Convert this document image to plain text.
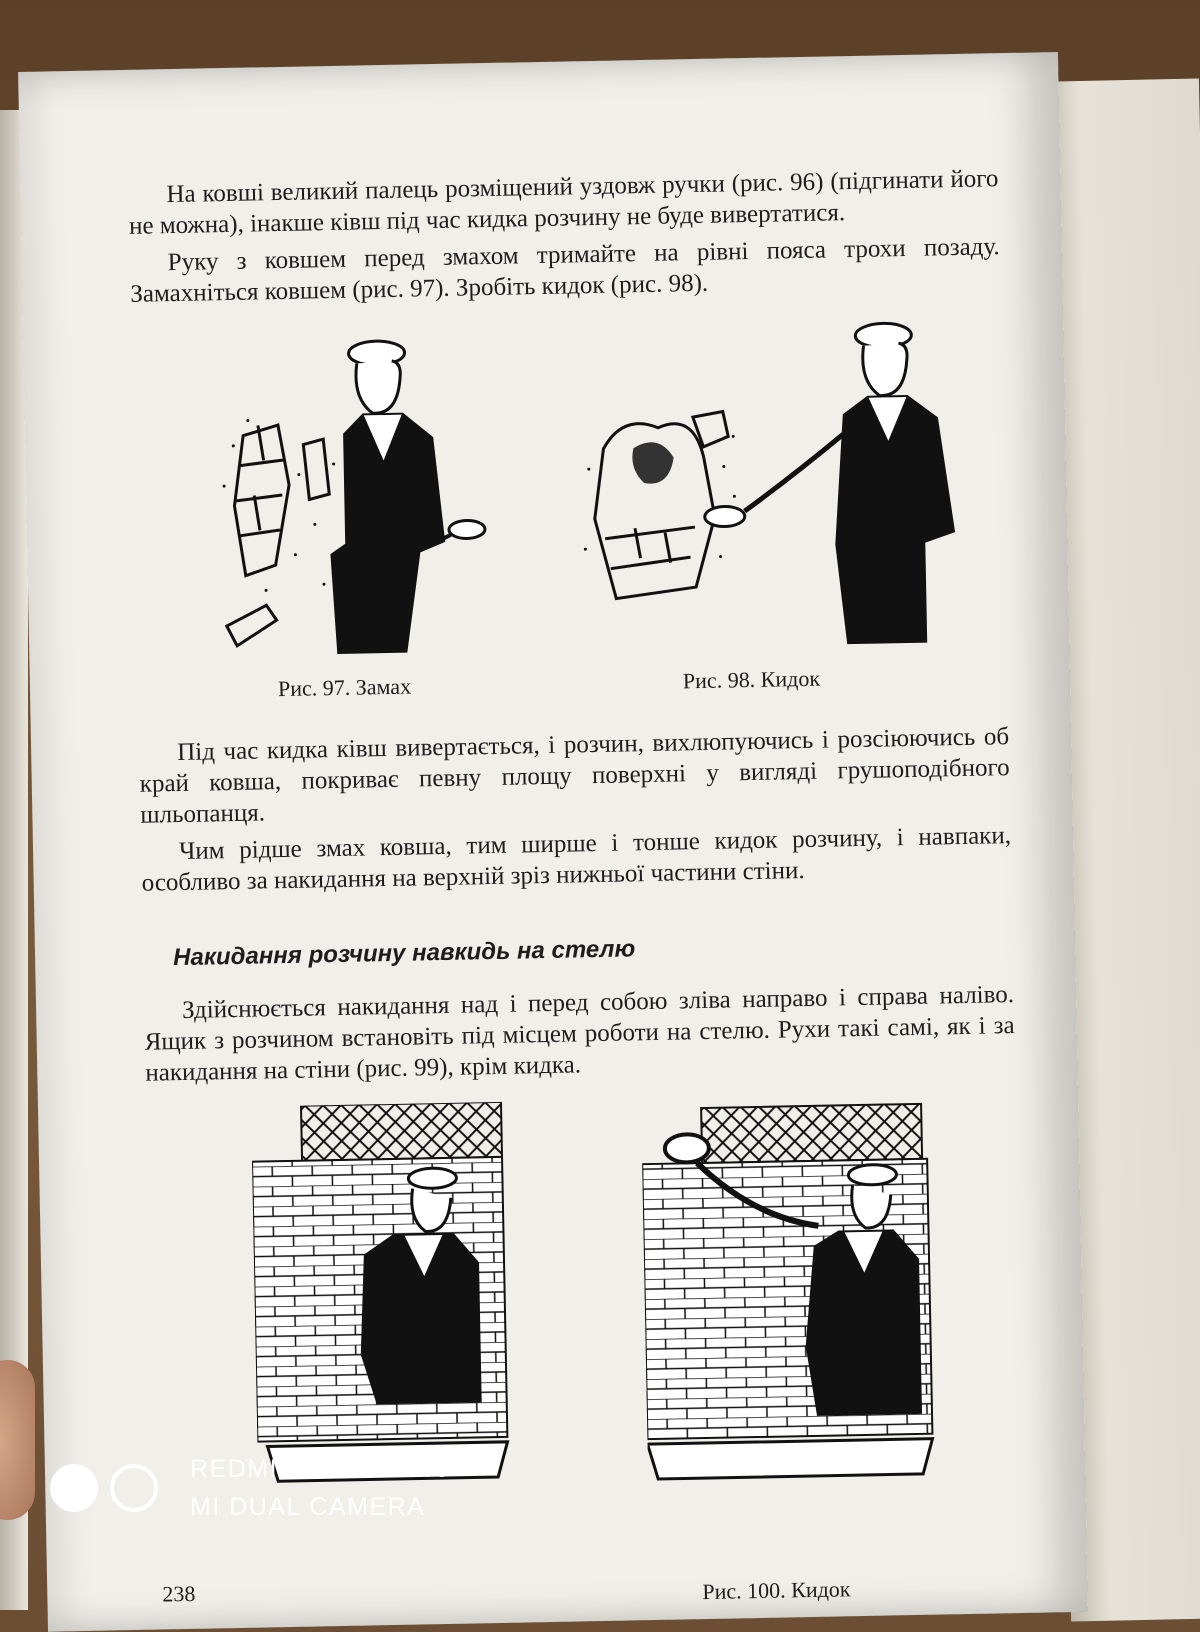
На ковші великий палець розміщений уздовж ручки (рис. 96) (підгинати його не можна), інакше ківш під час кидка розчину не буде вивертатися.

Руку з ковшем перед змахом тримайте на рівні пояса трохи позаду. Замахніться ковшем (рис. 97). Зробіть кидок (рис. 98).

Рис. 97. Замах	Рис. 98. Кидок

Під час кидка ківш вивертається, і розчин, вихлюпуючись і розсіюючись об край ковша, покриває певну площу поверхні у вигляді грушоподібного шльопанця.

Чим рідше змах ковша, тим ширше і тонше кидок розчину, і навпаки, особливо за накидання на верхній зріз нижньої частини стіни.

Накидання розчину навкидь на стелю

Здійснюється накидання над і перед собою зліва направо і справа наліво. Ящик з розчином встановіть під місцем роботи на стелю. Рухи такі самі, як і за накидання на стіни (рис. 99), крім кидка.

238	Рис. 100. Кидок
REDMI NOTE 6 PRO
MI DUAL CAMERA
